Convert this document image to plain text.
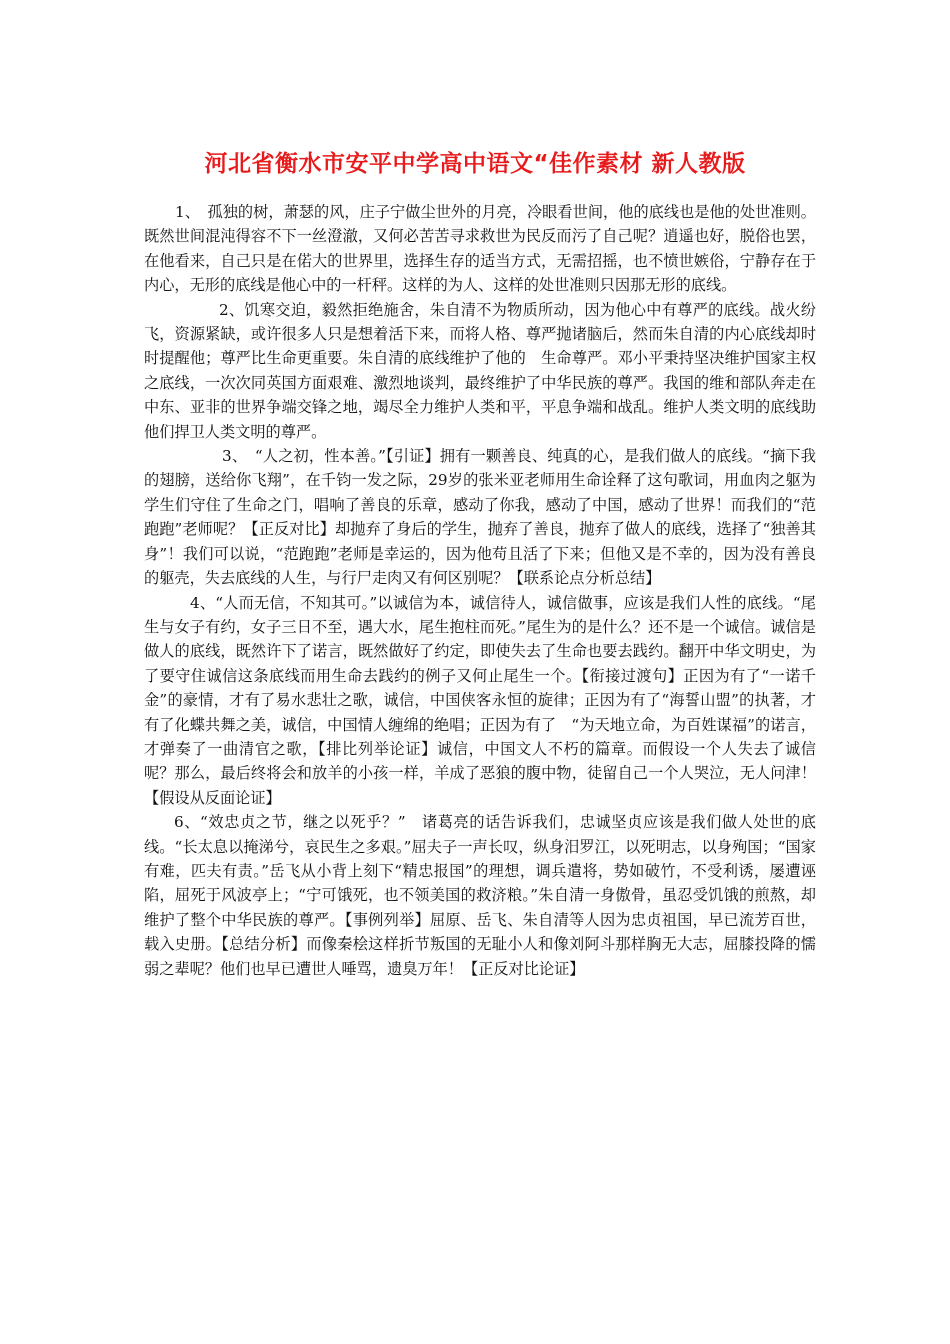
河北省衡水市安平中学高中语文“佳作素材 新人教版

1、　孤独的树，萧瑟的风，庄子宁做尘世外的月亮，冷眼看世间，他的底线也是他的处世准则。既然世间混沌得容不下一丝澄澈，又何必苦苦寻求救世为民反而污了自己呢？逍遥也好，脱俗也罢，在他看来，自己只是在偌大的世界里，选择生存的适当方式，无需招摇，也不愤世嫉俗，宁静存在于内心，无形的底线是他心中的一杆秤。这样的为人、这样的处世准则只因那无形的底线。

2、饥寒交迫，毅然拒绝施舍，朱自清不为物质所动，因为他心中有尊严的底线。战火纷飞，资源紧缺，或许很多人只是想着活下来，而将人格、尊严抛诸脑后，然而朱自清的内心底线却时时提醒他；尊严比生命更重要。朱自清的底线维护了他的　生命尊严。邓小平秉持坚决维护国家主权之底线，一次次同英国方面艰难、激烈地谈判，最终维护了中华民族的尊严。我国的维和部队奔走在中东、亚非的世界争端交锋之地，竭尽全力维护人类和平，平息争端和战乱。维护人类文明的底线助他们捍卫人类文明的尊严。

3、　“人之初，性本善。”【引证】拥有一颗善良、纯真的心，是我们做人的底线。“摘下我的翅膀，送给你飞翔”，在千钧一发之际，29岁的张米亚老师用生命诠释了这句歌词，用血肉之躯为学生们守住了生命之门，唱响了善良的乐章，感动了你我，感动了中国，感动了世界！而我们的“范跑跑”老师呢？【正反对比】却抛弃了身后的学生，抛弃了善良，抛弃了做人的底线，选择了“独善其身”！我们可以说，“范跑跑”老师是幸运的，因为他苟且活了下来；但他又是不幸的，因为没有善良的躯壳，失去底线的人生，与行尸走肉又有何区别呢？【联系论点分析总结】

4、“人而无信，不知其可。”以诚信为本，诚信待人，诚信做事，应该是我们人性的底线。“尾生与女子有约，女子三日不至，遇大水，尾生抱柱而死。”尾生为的是什么？还不是一个诚信。诚信是做人的底线，既然许下了诺言，既然做好了约定，即使失去了生命也要去践约。翻开中华文明史，为了要守住诚信这条底线而用生命去践约的例子又何止尾生一个。【衔接过渡句】正因为有了“一诺千金”的豪情，才有了易水悲壮之歌，诚信，中国侠客永恒的旋律；正因为有了“海誓山盟”的执著，才有了化蝶共舞之美，诚信，中国情人缠绵的绝唱；正因为有了　“为天地立命，为百姓谋福”的诺言，才弹奏了一曲清官之歌，【排比列举论证】诚信，中国文人不朽的篇章。而假设一个人失去了诚信呢？那么，最后终将会和放羊的小孩一样，羊成了恶狼的腹中物，徒留自己一个人哭泣，无人问津！【假设从反面论证】

6、“效忠贞之节，继之以死乎？”　诸葛亮的话告诉我们，忠诚坚贞应该是我们做人处世的底线。“长太息以掩涕兮，哀民生之多艰。”屈夫子一声长叹，纵身汨罗江，以死明志，以身殉国；“国家有难，匹夫有责。”岳飞从小背上刻下“精忠报国”的理想，调兵遣将，势如破竹，不受利诱，屡遭诬陷，屈死于风波亭上；“宁可饿死，也不领美国的救济粮。”朱自清一身傲骨，虽忍受饥饿的煎熬，却维护了整个中华民族的尊严。【事例列举】屈原、岳飞、朱自清等人因为忠贞祖国，早已流芳百世，载入史册。【总结分析】而像秦桧这样折节叛国的无耻小人和像刘阿斗那样胸无大志，屈膝投降的懦弱之辈呢？他们也早已遭世人唾骂，遗臭万年！【正反对比论证】
